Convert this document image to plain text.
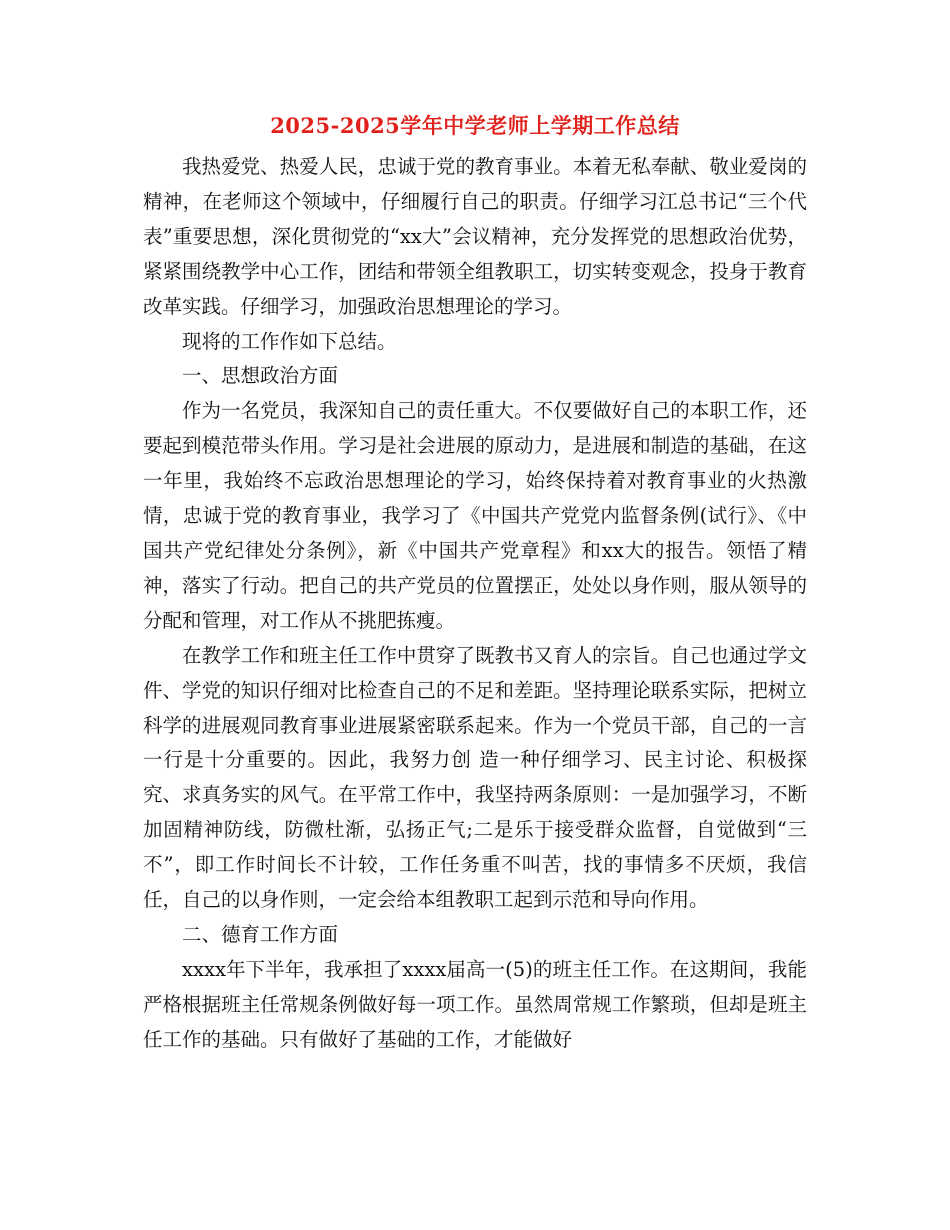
2025-2025学年中学老师上学期工作总结

我热爱党、热爱人民，忠诚于党的教育事业。本着无私奉献、敬业爱岗的精神，在老师这个领域中，仔细履行自己的职责。仔细学习江总书记“三个代表”重要思想，深化贯彻党的“xx大”会议精神，充分发挥党的思想政治优势，紧紧围绕教学中心工作，团结和带领全组教职工，切实转变观念，投身于教育改革实践。仔细学习，加强政治思想理论的学习。

现将的工作作如下总结。

一、思想政治方面

作为一名党员，我深知自己的责任重大。不仅要做好自己的本职工作，还要起到模范带头作用。学习是社会进展的原动力，是进展和制造的基础，在这一年里，我始终不忘政治思想理论的学习，始终保持着对教育事业的火热激情，忠诚于党的教育事业，我学习了《中国共产党党内监督条例(试行》、《中国共产党纪律处分条例》，新《中国共产党章程》和xx大的报告。领悟了精神，落实了行动。把自己的共产党员的位置摆正，处处以身作则，服从领导的分配和管理，对工作从不挑肥拣瘦。

在教学工作和班主任工作中贯穿了既教书又育人的宗旨。自己也通过学文件、学党的知识仔细对比检查自己的不足和差距。坚持理论联系实际，把树立科学的进展观同教育事业进展紧密联系起来。作为一个党员干部，自己的一言一行是十分重要的。因此，我努力创 造一种仔细学习、民主讨论、积极探究、求真务实的风气。在平常工作中，我坚持两条原则：一是加强学习，不断加固精神防线，防微杜渐，弘扬正气;二是乐于接受群众监督，自觉做到“三不”，即工作时间长不计较，工作任务重不叫苦，找的事情多不厌烦，我信任，自己的以身作则，一定会给本组教职工起到示范和导向作用。

二、德育工作方面

xxxx年下半年，我承担了xxxx届高一(5)的班主任工作。在这期间，我能严格根据班主任常规条例做好每一项工作。虽然周常规工作繁琐，但却是班主任工作的基础。只有做好了基础的工作，才能做好
